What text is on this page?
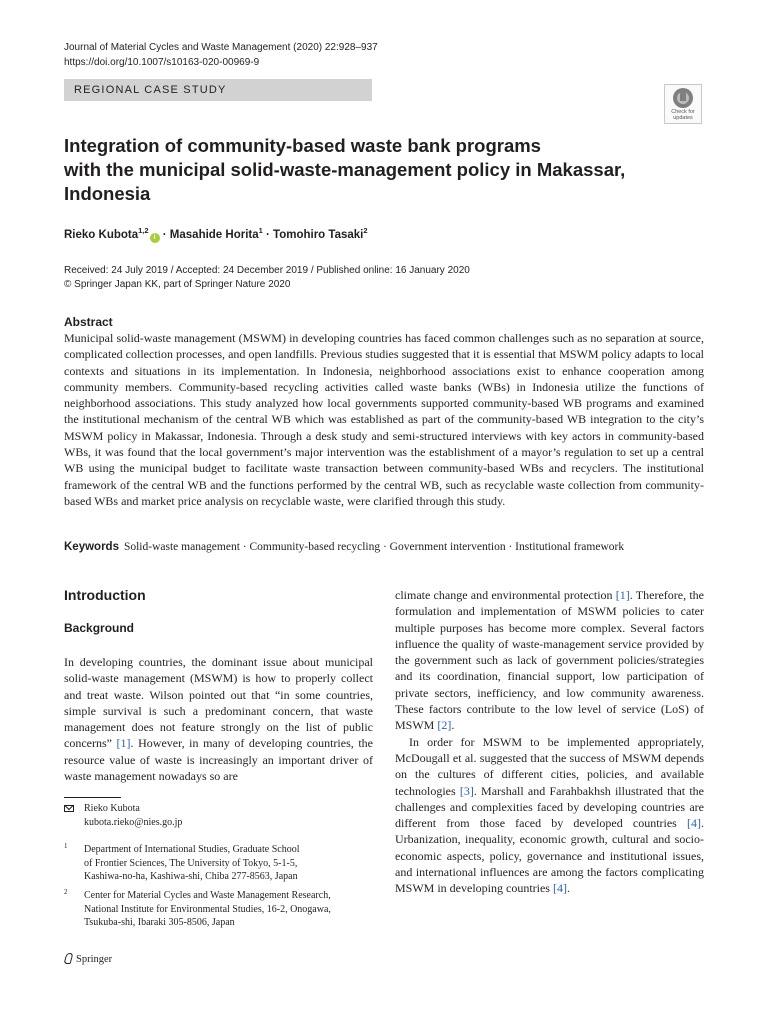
Journal of Material Cycles and Waste Management (2020) 22:928–937
https://doi.org/10.1007/s10163-020-00969-9
REGIONAL CASE STUDY
Check for
updates
Integration of community-based waste bank programs
with the municipal solid-waste-management policy in Makassar,
Indonesia
Rieko Kubota$^{1,2}$i · Masahide Horita$^1$ · Tomohiro Tasaki$^2$
Received: 24 July 2019 / Accepted: 24 December 2019 / Published online: 16 January 2020
© Springer Japan KK, part of Springer Nature 2020
Abstract

Municipal solid-waste management (MSWM) in developing countries has faced common challenges such as no separation at source, complicated collection processes, and open landfills. Previous studies suggested that it is essential that MSWM policy adapts to local contexts and situations in its implementation. In Indonesia, neighborhood associations exist to enhance cooperation among community members. Community-based recycling activities called waste banks (WBs) in Indonesia utilize the functions of neighborhood associations. This study analyzed how local governments supported community-based WB programs and examined the institutional mechanism of the central WB which was established as part of the community-based WB integration to the city’s MSWM policy in Makassar, Indonesia. Through a desk study and semi-structured interviews with key actors in community-based WBs, it was found that the local government’s major intervention was the establishment of a mayor’s regulation to set up a central WB using the municipal budget to facilitate waste transaction between community-based WBs and recyclers. The institutional framework of the central WB and the functions performed by the central WB, such as recyclable waste collection from community-based WBs and market price analysis on recyclable waste, were clarified through this study.

Keywords Solid-waste management · Community-based recycling · Government intervention · Institutional framework
Introduction
Background

In developing countries, the dominant issue about municipal solid-waste management (MSWM) is how to properly collect and treat waste. Wilson pointed out that “in some countries, simple survival is such a predominant concern, that waste management does not feature strongly on the list of public concerns” [1]. However, in many of developing countries, the resource value of waste is increasingly an important driver of waste management nowadays so are

Rieko Kubota
kubota.rieko@nies.go.jp
1 Department of International Studies, Graduate School
of Frontier Sciences, The University of Tokyo, 5-1-5,
Kashiwa-no-ha, Kashiwa-shi, Chiba 277-8563, Japan
2 Center for Material Cycles and Waste Management Research,
National Institute for Environmental Studies, 16-2, Onogawa,
Tsukuba-shi, Ibaraki 305-8506, Japan

climate change and environmental protection [1]. Therefore, the formulation and implementation of MSWM policies to cater multiple purposes has become more complex. Several factors influence the quality of waste-management service provided by the government such as lack of government policies/strategies and its coordination, financial support, low participation of private sectors, inefficiency, and low community awareness. These factors contribute to the low level of service (LoS) of MSWM [2].

In order for MSWM to be implemented appropriately, McDougall et al. suggested that the success of MSWM depends on the cultures of different cities, policies, and available technologies [3]. Marshall and Farahbakhsh illustrated that the challenges and complexities faced by developing countries are different from those faced by developed countries [4]. Urbanization, inequality, economic growth, cultural and socio-economic aspects, policy, governance and institutional issues, and international influences are among the factors complicating MSWM in developing countries [4].

Springer
